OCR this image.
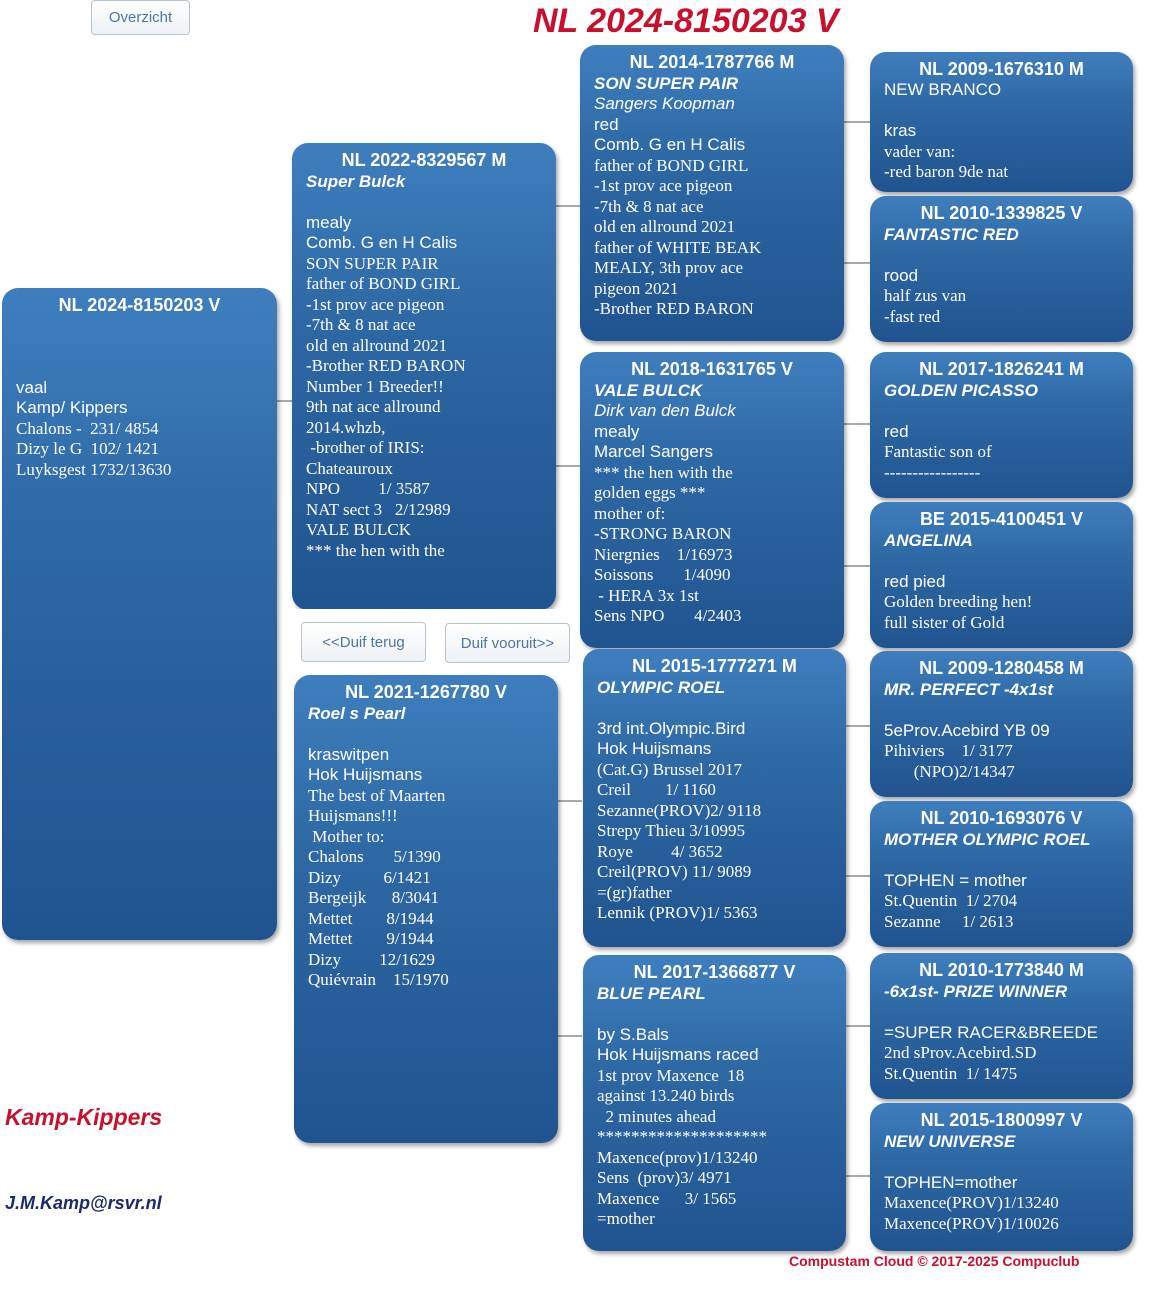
Overzicht	NL 2024-8150203 V
NL 2024-8150203 V

vaal
Kamp/ Kippers
Chalons -  231/ 4854
Dizy le G  102/ 1421
Luyksgest 1732/13630
NL 2022-8329567 M
Super Bulck

mealy
Comb. G en H Calis
SON SUPER PAIR
father of BOND GIRL
-1st prov ace pigeon
-7th & 8 nat ace
old en allround 2021
-Brother RED BARON
Number 1 Breeder!!
9th nat ace allround
2014.whzb,
-brother of IRIS:
Chateauroux
NPO         1/ 3587
NAT sect 3   2/12989
VALE BULCK
*** the hen with the
NL 2021-1267780 V
Roel s Pearl

kraswitpen
Hok Huijsmans
The best of Maarten
Huijsmans!!!
Mother to:
Chalons       5/1390
Dizy          6/1421
Bergeijk      8/3041
Mettet        8/1944
Mettet        9/1944
Dizy         12/1629
Quiévrain    15/1970
NL 2014-1787766 M
SON SUPER PAIR
Sangers Koopman
red
Comb. G en H Calis
father of BOND GIRL
-1st prov ace pigeon
-7th & 8 nat ace
old en allround 2021
father of WHITE BEAK
MEALY, 3th prov ace
pigeon 2021
-Brother RED BARON
NL 2018-1631765 V
VALE BULCK
Dirk van den Bulck
mealy
Marcel Sangers
*** the hen with the
golden eggs ***
mother of:
-STRONG BARON
Niergnies    1/16973
Soissons       1/4090
- HERA 3x 1st
Sens NPO       4/2403
NL 2015-1777271 M
OLYMPIC ROEL

3rd int.Olympic.Bird
Hok Huijsmans
(Cat.G) Brussel 2017
Creil        1/ 1160
Sezanne(PROV)2/ 9118
Strepy Thieu 3/10995
Roye         4/ 3652
Creil(PROV) 11/ 9089
=(gr)father
Lennik (PROV)1/ 5363
NL 2017-1366877 V
BLUE PEARL

by S.Bals
Hok Huijsmans raced
1st prov Maxence  18
against 13.240 birds
2 minutes ahead
********************
Maxence(prov)1/13240
Sens  (prov)3/ 4971
Maxence      3/ 1565
=mother
NL 2009-1676310 M
NEW BRANCO

kras
vader van:
-red baron 9de nat
NL 2010-1339825 V
FANTASTIC RED

rood
half zus van
-fast red
NL 2017-1826241 M
GOLDEN PICASSO

red
Fantastic son of
-----------------
BE 2015-4100451 V
ANGELINA

red pied
Golden breeding hen!
full sister of Gold
NL 2009-1280458 M
MR. PERFECT -4x1st

5eProv.Acebird YB 09
Pihiviers    1/ 3177
(NPO)2/14347
NL 2010-1693076 V
MOTHER OLYMPIC ROEL

TOPHEN = mother
St.Quentin  1/ 2704
Sezanne     1/ 2613
NL 2010-1773840 M
-6x1st- PRIZE WINNER

=SUPER RACER&BREEDE
2nd sProv.Acebird.SD
St.Quentin  1/ 1475
NL 2015-1800997 V
NEW UNIVERSE

TOPHEN=mother
Maxence(PROV)1/13240
Maxence(PROV)1/10026
<<Duif terug	Duif vooruit>>
Kamp-Kippers
J.M.Kamp@rsvr.nl
Compustam Cloud © 2017-2025 Compuclub
